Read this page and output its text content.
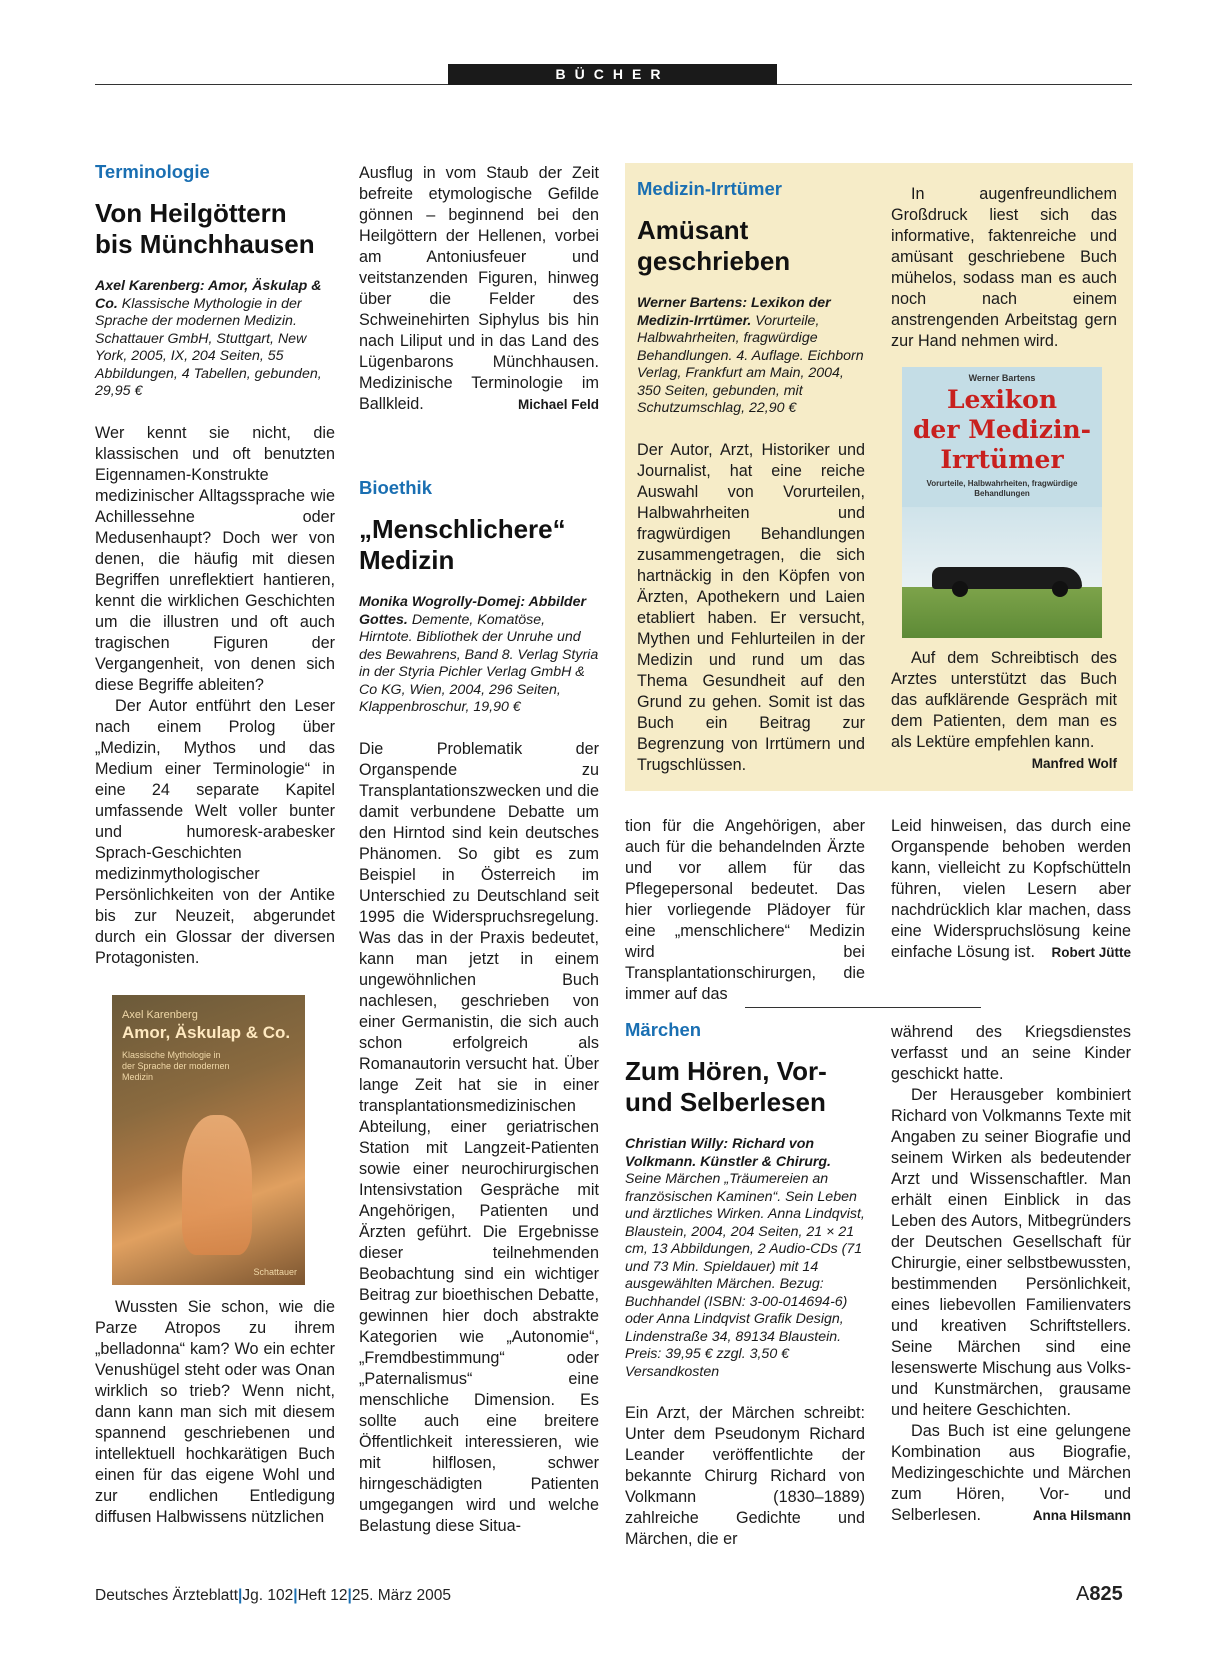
BÜCHER
Terminologie
Von Heilgöttern
bis Münchhausen
Axel Karenberg: Amor, Äskulap & Co. Klassische Mythologie in der Sprache der modernen Medizin. Schattauer GmbH, Stuttgart, New York, 2005, IX, 204 Seiten, 55 Abbildungen, 4 Tabellen, gebunden, 29,95 €

Wer kennt sie nicht, die klassischen und oft benutzten Eigennamen-Konstrukte medizinischer Alltagssprache wie Achillessehne oder Medusenhaupt? Doch wer von denen, die häufig mit diesen Begriffen unreflektiert hantieren, kennt die wirklichen Geschichten um die illustren und oft auch tragischen Figuren der Vergangenheit, von denen sich diese Begriffe ableiten?

Der Autor entführt den Leser nach einem Prolog über „Medizin, Mythos und das Medium einer Terminologie“ in eine 24 separate Kapitel umfassende Welt voller bunter und humoresk-arabesker Sprach-Geschichten medizinmythologischer Persönlichkeiten von der Antike bis zur Neuzeit, abgerundet durch ein Glossar der diversen Protagonisten.

Axel Karenberg
Amor, Äskulap & Co.
Klassische Mythologie in der Sprache der modernen Medizin
Schattauer

Wussten Sie schon, wie die Parze Atropos zu ihrem „belladonna“ kam? Wo ein echter Venushügel steht oder was Onan wirklich so trieb? Wenn nicht, dann kann man sich mit diesem spannend geschriebenen und intellektuell hochkarätigen Buch einen für das eigene Wohl und zur endlichen Entledigung diffusen Halbwissens nützlichen

Ausflug in vom Staub der Zeit befreite etymologische Gefilde gönnen – beginnend bei den Heilgöttern der Hellenen, vorbei am Antoniusfeuer und veitstanzenden Figuren, hinweg über die Felder des Schweinehirten Siphylus bis hin nach Liliput und in das Land des Lügenbarons Münchhausen. Medizinische Terminologie im Ballkleid.	Michael Feld

Bioethik
„Menschlichere“
Medizin
Monika Wogrolly-Domej: Abbilder Gottes. Demente, Komatöse, Hirntote. Bibliothek der Unruhe und des Bewahrens, Band 8. Verlag Styria in der Styria Pichler Verlag GmbH & Co KG, Wien, 2004, 296 Seiten, Klappenbroschur, 19,90 €

Die Problematik der Organspende zu Transplantationszwecken und die damit verbundene Debatte um den Hirntod sind kein deutsches Phänomen. So gibt es zum Beispiel in Österreich im Unterschied zu Deutschland seit 1995 die Widerspruchsregelung. Was das in der Praxis bedeutet, kann man jetzt in einem ungewöhnlichen Buch nachlesen, geschrieben von einer Germanistin, die sich auch schon erfolgreich als Romanautorin versucht hat. Über lange Zeit hat sie in einer transplantationsmedizinischen Abteilung, einer geriatrischen Station mit Langzeit-Patienten sowie einer neurochirurgischen Intensivstation Gespräche mit Angehörigen, Patienten und Ärzten geführt. Die Ergebnisse dieser teilnehmenden Beobachtung sind ein wichtiger Beitrag zur bioethischen Debatte, gewinnen hier doch abstrakte Kategorien wie „Autonomie“, „Fremdbestimmung“ oder „Paternalismus“ eine menschliche Dimension. Es sollte auch eine breitere Öffentlichkeit interessieren, wie mit hilflosen, schwer hirngeschädigten Patienten umgegangen wird und welche Belastung diese Situa-

Medizin-Irrtümer
Amüsant
geschrieben
Werner Bartens: Lexikon der Medizin-Irrtümer. Vorurteile, Halbwahrheiten, fragwürdige Behandlungen. 4. Auflage. Eichborn Verlag, Frankfurt am Main, 2004, 350 Seiten, gebunden, mit Schutzumschlag, 22,90 €

Der Autor, Arzt, Historiker und Journalist, hat eine reiche Auswahl von Vorurteilen, Halbwahrheiten und fragwürdigen Behandlungen zusammengetragen, die sich hartnäckig in den Köpfen von Ärzten, Apothekern und Laien etabliert haben. Er versucht, Mythen und Fehlurteilen in der Medizin und rund um das Thema Gesundheit auf den Grund zu gehen. Somit ist das Buch ein Beitrag zur Begrenzung von Irrtümern und Trugschlüssen.

In augenfreundlichem Großdruck liest sich das informative, faktenreiche und amüsant geschriebene Buch mühelos, sodass man es auch noch nach einem anstrengenden Arbeitstag gern zur Hand nehmen wird.

Werner Bartens
Lexikon
der Medizin-
Irrtümer
Vorurteile, Halbwahrheiten, fragwürdige Behandlungen

Auf dem Schreibtisch des Arztes unterstützt das Buch das aufklärende Gespräch mit dem Patienten, dem man es als Lektüre empfehlen kann.
Manfred Wolf

tion für die Angehörigen, aber auch für die behandelnden Ärzte und vor allem für das Pflegepersonal bedeutet. Das hier vorliegende Plädoyer für eine „menschlichere“ Medizin wird bei Transplantationschirurgen, die immer auf das

Leid hinweisen, das durch eine Organspende behoben werden kann, vielleicht zu Kopfschütteln führen, vielen Lesern aber nachdrücklich klar machen, dass eine Widerspruchslösung keine einfache Lösung ist. Robert Jütte

Märchen
Zum Hören, Vor-
und Selberlesen
Christian Willy: Richard von Volkmann. Künstler & Chirurg. Seine Märchen „Träumereien an französischen Kaminen“. Sein Leben und ärztliches Wirken. Anna Lindqvist, Blaustein, 2004, 204 Seiten, 21 × 21 cm, 13 Abbildungen, 2 Audio-CDs (71 und 73 Min. Spieldauer) mit 14 ausgewählten Märchen. Bezug: Buchhandel (ISBN: 3-00-014694-6) oder Anna Lindqvist Grafik Design, Lindenstraße 34, 89134 Blaustein. Preis: 39,95 € zzgl. 3,50 € Versandkosten

Ein Arzt, der Märchen schreibt: Unter dem Pseudonym Richard Leander veröffentlichte der bekannte Chirurg Richard von Volkmann (1830–1889) zahlreiche Gedichte und Märchen, die er

während des Kriegsdienstes verfasst und an seine Kinder geschickt hatte.

Der Herausgeber kombiniert Richard von Volkmanns Texte mit Angaben zu seiner Biografie und seinem Wirken als bedeutender Arzt und Wissenschaftler. Man erhält einen Einblick in das Leben des Autors, Mitbegründers der Deutschen Gesellschaft für Chirurgie, einer selbstbewussten, bestimmenden Persönlichkeit, eines liebevollen Familienvaters und kreativen Schriftstellers. Seine Märchen sind eine lesenswerte Mischung aus Volks- und Kunstmärchen, grausame und heitere Geschichten.

Das Buch ist eine gelungene Kombination aus Biografie, Medizingeschichte und Märchen zum Hören, Vor- und Selberlesen.	Anna Hilsmann

Deutsches Ärzteblatt|Jg. 102|Heft 12|25. März 2005	A825
